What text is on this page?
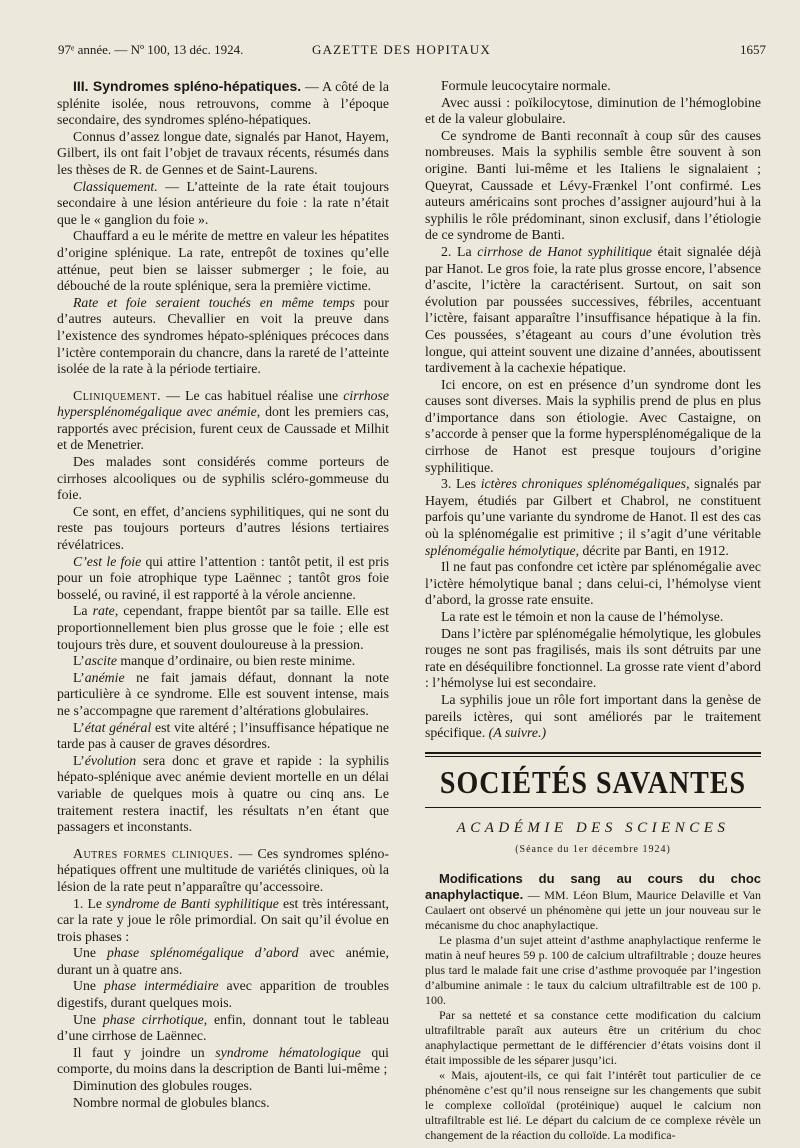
97ᵉ année. — Nº 100, 13 déc. 1924.	GAZETTE DES HOPITAUX	1657

III. Syndromes spléno-hépatiques. — A côté de la splénite isolée, nous retrouvons, comme à l’époque secondaire, des syndromes spléno-hépatiques.

Connus d’assez longue date, signalés par Hanot, Hayem, Gilbert, ils ont fait l’objet de travaux récents, résumés dans les thèses de R. de Gennes et de Saint-Laurens.

Classiquement. — L’atteinte de la rate était toujours secondaire à une lésion antérieure du foie : la rate n’était que le « ganglion du foie ».

Chauffard a eu le mérite de mettre en valeur les hépatites d’origine splénique. La rate, entrepôt de toxines qu’elle atténue, peut bien se laisser submerger ; le foie, au débouché de la route splénique, sera la première victime.

Rate et foie seraient touchés en même temps pour d’autres auteurs. Chevallier en voit la preuve dans l’existence des syndromes hépato-spléniques précoces dans l’ictère contemporain du chancre, dans la rareté de l’atteinte isolée de la rate à la période tertiaire.

Cliniquement. — Le cas habituel réalise une cirrhose hypersplénomégalique avec anémie, dont les premiers cas, rapportés avec précision, furent ceux de Caussade et Milhit et de Menetrier.

Des malades sont considérés comme porteurs de cirrhoses alcooliques ou de syphilis scléro-gommeuse du foie.

Ce sont, en effet, d’anciens syphilitiques, qui ne sont du reste pas toujours porteurs d’autres lésions tertiaires révélatrices.

C’est le foie qui attire l’attention : tantôt petit, il est pris pour un foie atrophique type Laënnec ; tantôt gros foie bosselé, ou raviné, il est rapporté à la vérole ancienne.

La rate, cependant, frappe bientôt par sa taille. Elle est proportionnellement bien plus grosse que le foie ; elle est toujours très dure, et souvent douloureuse à la pression.

L’ascite manque d’ordinaire, ou bien reste minime.

L’anémie ne fait jamais défaut, donnant la note particulière à ce syndrome. Elle est souvent intense, mais ne s’accompagne que rarement d’altérations globulaires.

L’état général est vite altéré ; l’insuffisance hépatique ne tarde pas à causer de graves désordres.

L’évolution sera donc et grave et rapide : la syphilis hépato-splénique avec anémie devient mortelle en un délai variable de quelques mois à quatre ou cinq ans. Le traitement restera inactif, les résultats n’en étant que passagers et inconstants.

Autres formes cliniques. — Ces syndromes spléno-hépatiques offrent une multitude de variétés cliniques, où la lésion de la rate peut n’apparaître qu’accessoire.

1. Le syndrome de Banti syphilitique est très intéressant, car la rate y joue le rôle primordial. On sait qu’il évolue en trois phases :

Une phase splénomégalique d’abord avec anémie, durant un à quatre ans.

Une phase intermédiaire avec apparition de troubles digestifs, durant quelques mois.

Une phase cirrhotique, enfin, donnant tout le tableau d’une cirrhose de Laënnec.

Il faut y joindre un syndrome hématologique qui comporte, du moins dans la description de Banti lui-même ;

Diminution des globules rouges.

Nombre normal de globules blancs.

Formule leucocytaire normale.

Avec aussi : poïkilocytose, diminution de l’hémoglobine et de la valeur globulaire.

Ce syndrome de Banti reconnaît à coup sûr des causes nombreuses. Mais la syphilis semble être souvent à son origine. Banti lui-même et les Italiens le signalaient ; Queyrat, Caussade et Lévy-Frænkel l’ont confirmé. Les auteurs américains sont proches d’assigner aujourd’hui à la syphilis le rôle prédominant, sinon exclusif, dans l’étiologie de ce syndrome de Banti.

2. La cirrhose de Hanot syphilitique était signalée déjà par Hanot. Le gros foie, la rate plus grosse encore, l’absence d’ascite, l’ictère la caractérisent. Surtout, on sait son évolution par poussées successives, fébriles, accentuant l’ictère, faisant apparaître l’insuffisance hépatique à la fin. Ces poussées, s’étageant au cours d’une évolution très longue, qui atteint souvent une dizaine d’années, aboutissent tardivement à la cachexie hépatique.

Ici encore, on est en présence d’un syndrome dont les causes sont diverses. Mais la syphilis prend de plus en plus d’importance dans son étiologie. Avec Castaigne, on s’accorde à penser que la forme hypersplénomégalique de la cirrhose de Hanot est presque toujours d’origine syphilitique.

3. Les ictères chroniques splénomégaliques, signalés par Hayem, étudiés par Gilbert et Chabrol, ne constituent parfois qu’une variante du syndrome de Hanot. Il est des cas où la splénomégalie est primitive ; il s’agit d’une véritable splénomégalie hémolytique, décrite par Banti, en 1912.

Il ne faut pas confondre cet ictère par splénomégalie avec l’ictère hémolytique banal ; dans celui-ci, l’hémolyse vient d’abord, la grosse rate ensuite.

La rate est le témoin et non la cause de l’hémolyse.

Dans l’ictère par splénomégalie hémolytique, les globules rouges ne sont pas fragilisés, mais ils sont détruits par une rate en déséquilibre fonctionnel. La grosse rate vient d’abord : l’hémolyse lui est secondaire.

La syphilis joue un rôle fort important dans la genèse de pareils ictères, qui sont améliorés par le traitement spécifique. (A suivre.)

SOCIÉTÉS SAVANTES
ACADÉMIE DES SCIENCES
(Séance du 1er décembre 1924)

Modifications du sang au cours du choc anaphylactique. — MM. Léon Blum, Maurice Delaville et Van Caulaert ont observé un phénomène qui jette un jour nouveau sur le mécanisme du choc anaphylactique.

Le plasma d’un sujet atteint d’asthme anaphylactique renferme le matin à neuf heures 59 p. 100 de calcium ultrafiltrable ; douze heures plus tard le malade fait une crise d’asthme provoquée par l’ingestion d’albumine animale : le taux du calcium ultrafiltrable est de 100 p. 100.

Par sa netteté et sa constance cette modification du calcium ultrafiltrable paraît aux auteurs être un critérium du choc anaphylactique permettant de le différencier d’états voisins dont il était impossible de les séparer jusqu’ici.

« Mais, ajoutent-ils, ce qui fait l’intérêt tout particulier de ce phénomène c’est qu’il nous renseigne sur les changements que subit le complexe colloïdal (protéinique) auquel le calcium non ultrafiltrable est lié. Le départ du calcium de ce complexe révèle un changement de la réaction du colloïde. La modifica-
